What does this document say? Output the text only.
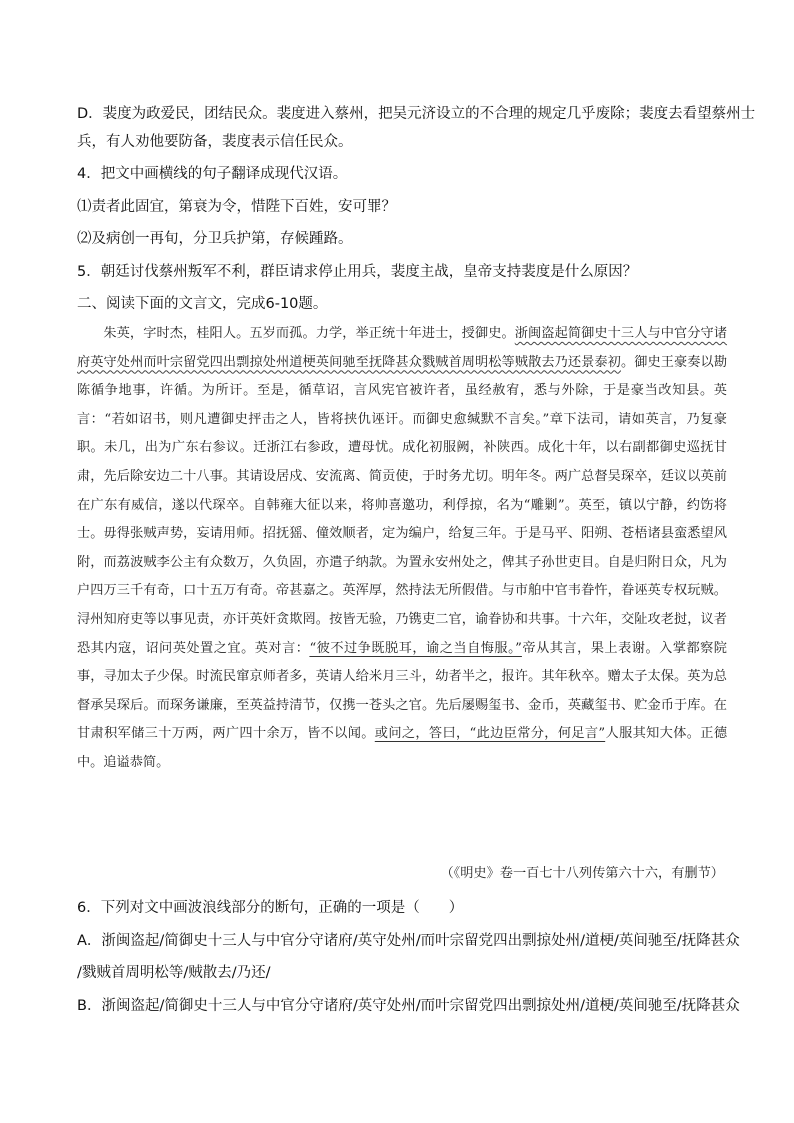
D．裴度为政爱民，团结民众。裴度进入蔡州，把吴元济设立的不合理的规定几乎废除；裴度去看望蔡州士
兵，有人劝他要防备，裴度表示信任民众。
4．把文中画横线的句子翻译成现代汉语。
⑴责者此固宜，第衰为令，惜陛下百姓，安可罪？
⑵及病创一再旬，分卫兵护第，存候踵路。
5．朝廷讨伐蔡州叛军不利，群臣请求停止用兵，裴度主战，皇帝支持裴度是什么原因？
二、阅读下面的文言文，完成6-10题。

朱英，字时杰，桂阳人。五岁而孤。力学，举正统十年进士，授御史。浙闽盗起简御史十三人与中官分守诸府英守处州而叶宗留党四出剽掠处州道梗英间驰至抚降甚众戮贼首周明松等贼散去乃还景泰初。御史王豪奏以勘陈循争地事，许循。为所讦。至是，循草诏，言风宪官被许者，虽经赦宥，悉与外除，于是豪当改知县。英言：“若如诏书，则凡遭御史抨击之人，皆将挟仇诬讦。而御史愈缄默不言矣。”章下法司，请如英言，乃复豪职。未几，出为广东右参议。迁浙江右参政，遭母忧。成化初服阙，补陕西。成化十年，以右副都御史巡抚甘肃，先后除安边二十八事。其请设居戍、安流离、简贡使，于时务尤切。明年冬。两广总督吴琛卒，廷议以英前在广东有威信，遂以代琛卒。自韩雍大征以来，将帅喜邀功，利俘掠，名为“雕剿”。英至，镇以宁静，约饬将士。毋得张贼声势，妄请用师。招抚猺、僮效顺者，定为编户，给复三年。于是马平、阳朔、苍梧诸县蛮悉望风附，而荔波贼李公主有众数万，久负固，亦遣子纳款。为置永安州处之，俾其子孙世吏目。自是归附日众，凡为户四万三千有奇，口十五万有奇。帝甚嘉之。英浑厚，然持法无所假借。与市舶中官韦眷忤，眷诬英专权玩贼。浔州知府吏等以事见责，亦讦英奸贪欺罔。按皆无验，乃镌吏二官，谕眷协和共事。十六年，交阯攻老挝，议者恐其内寇，诏问英处置之宜。英对言：“彼不过争既脱耳，谕之当自悔服。”帝从其言，果上表谢。入掌都察院事，寻加太子少保。时流民窜京师者多，英请人给米月三斗，幼者半之，报许。其年秋卒。赠太子太保。英为总督承吴琛后。而琛务谦廉，至英益持清节，仅携一苍头之官。先后屡赐玺书、金币，英藏玺书、贮金币于库。在甘肃积军储三十万两，两广四十余万，皆不以闻。或问之，答曰，“此边臣常分，何足言”人服其知大体。正德中。追谥恭简。

（《明史》卷一百七十八列传第六十六，有删节）
6．下列对文中画波浪线部分的断句，正确的一项是（　　）
A．浙闽盗起/简御史十三人与中官分守诸府/英守处州/而叶宗留党四出剽掠处州/道梗/英间驰至/抚降甚众
/戮贼首周明松等/贼散去/乃还/
B．浙闽盗起/简御史十三人与中官分守诸府/英守处州/而叶宗留党四出剽掠处州/道梗/英间驰至/抚降甚众
